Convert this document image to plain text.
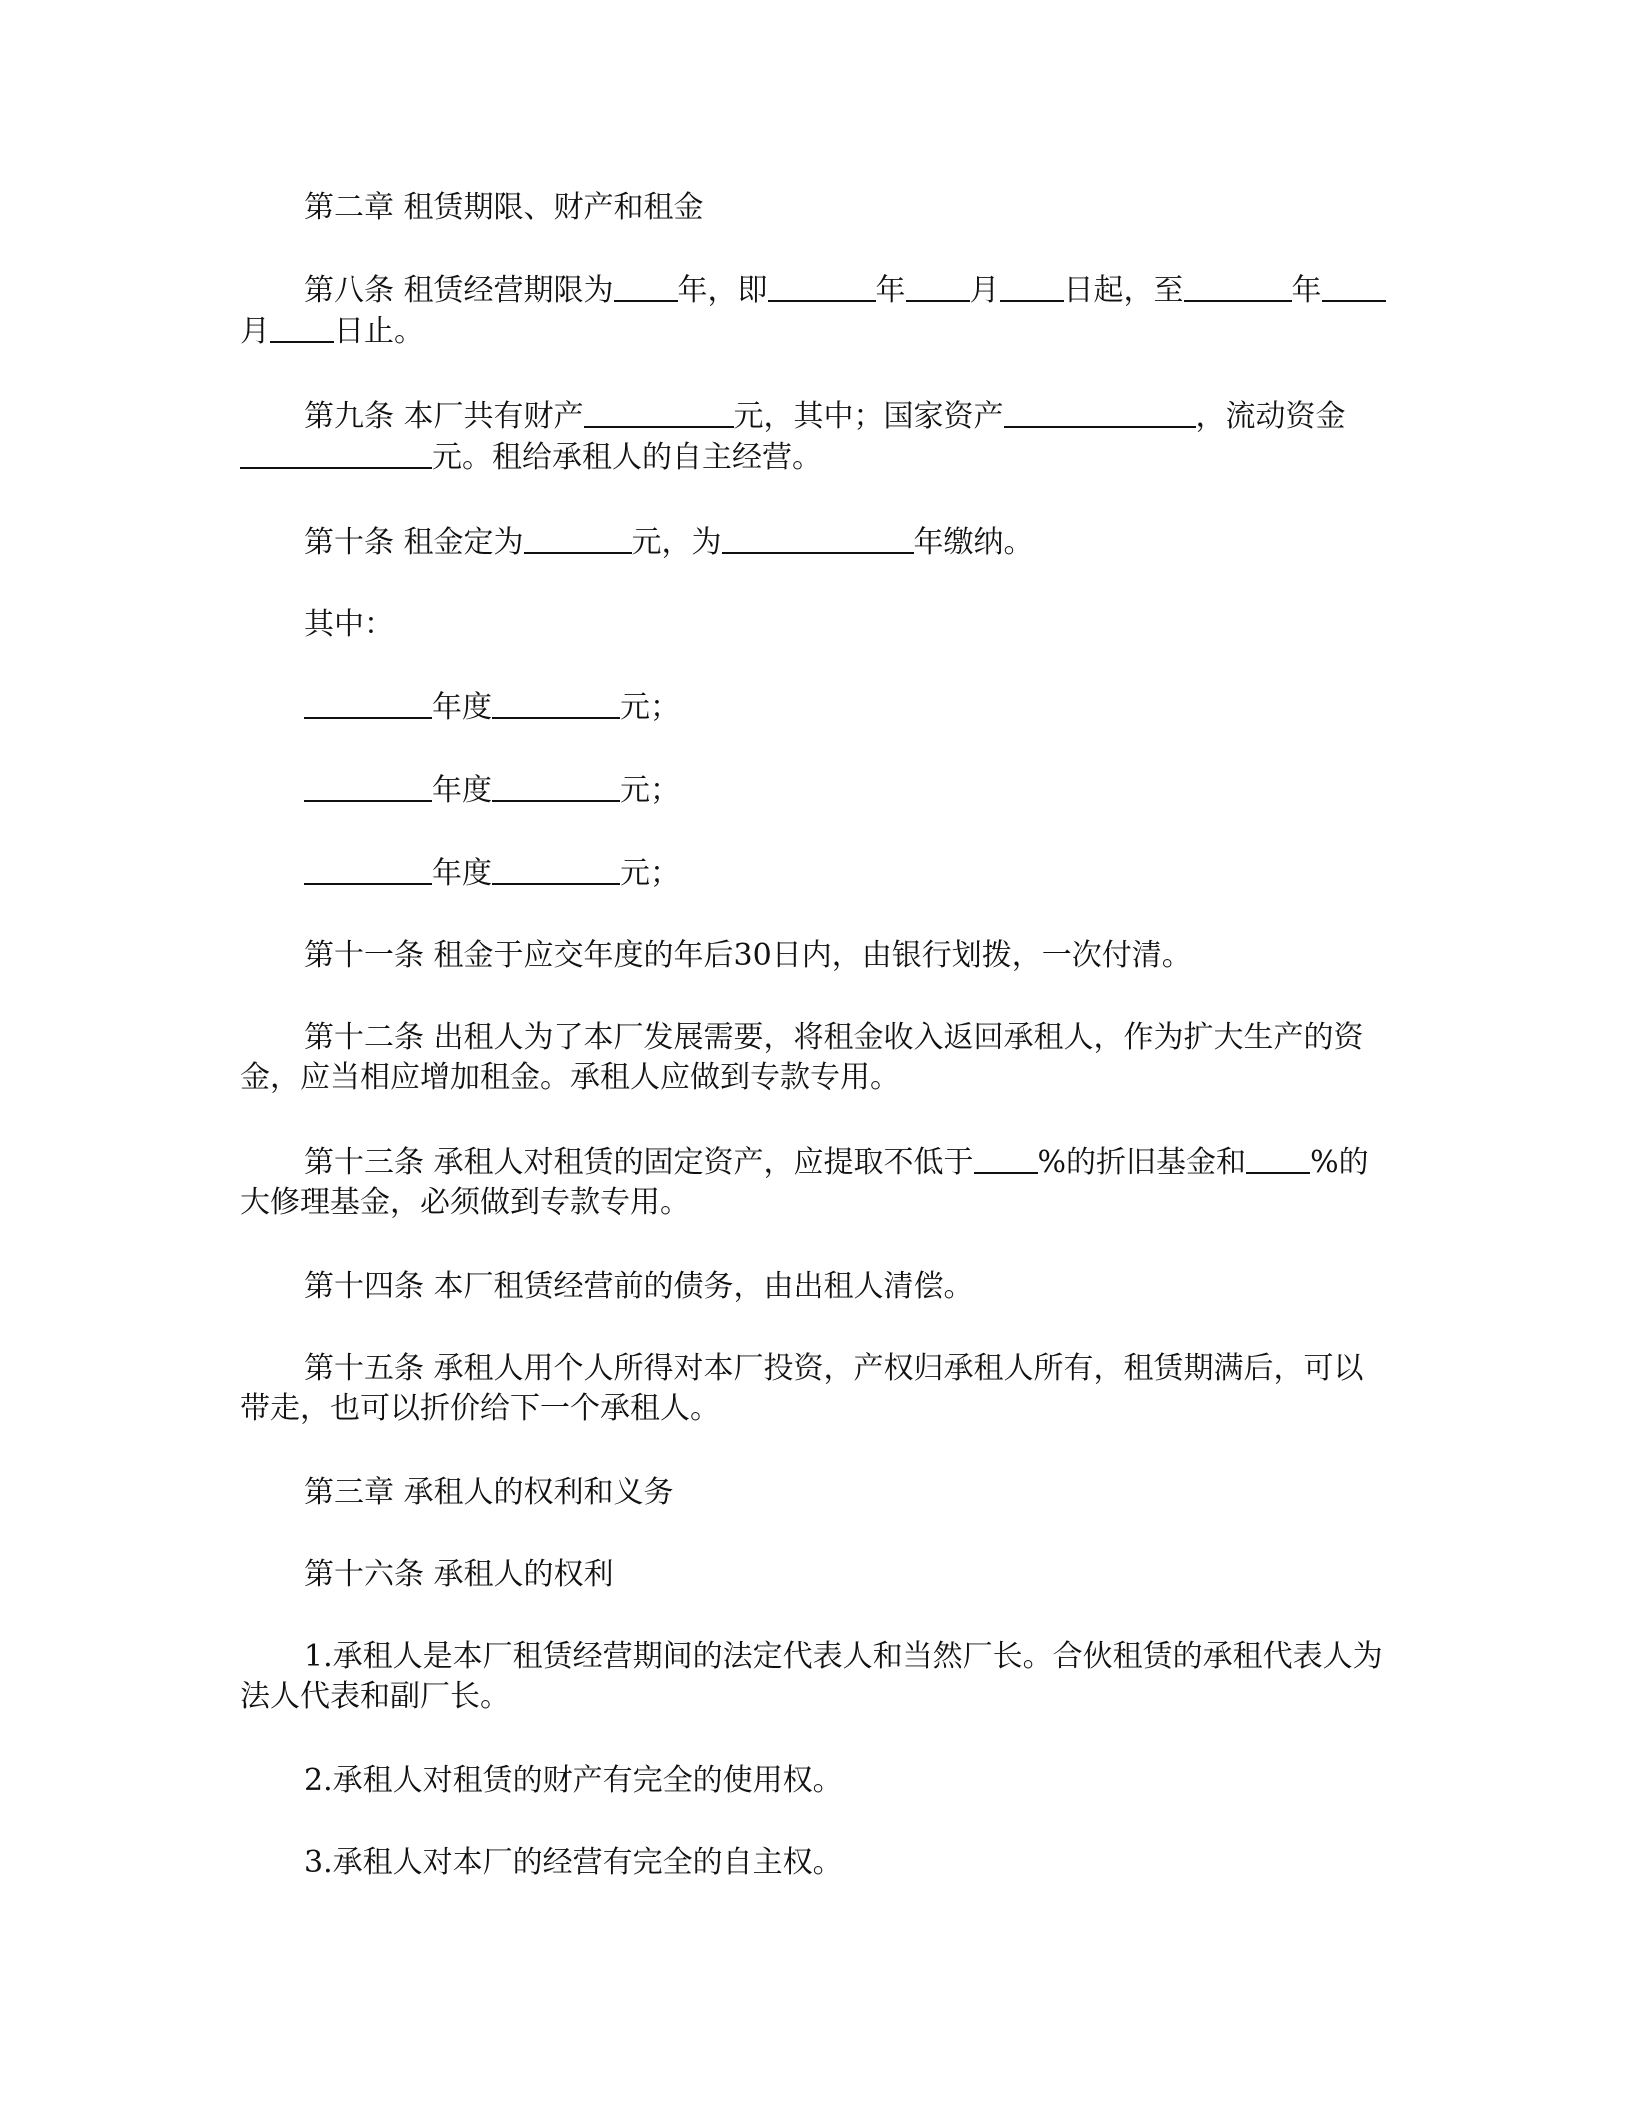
第二章 租赁期限、财产和租金

第八条 租赁经营期限为 年，即	年 月 日起，至	年月 日止。

第九条 本厂共有财产	元，其中；国家资产	，流动资金元。租给承租人的自主经营。

第十条 租金定为	元，为	年缴纳。

其中：

年度	元；

年度	元；

年度	元；

第十一条 租金于应交年度的年后30日内，由银行划拨，一次付清。

第十二条 出租人为了本厂发展需要，将租金收入返回承租人，作为扩大生产的资金，应当相应增加租金。承租人应做到专款专用。

第十三条 承租人对租赁的固定资产，应提取不低于 %的折旧基金和 %的大修理基金，必须做到专款专用。

第十四条 本厂租赁经营前的债务，由出租人清偿。

第十五条 承租人用个人所得对本厂投资，产权归承租人所有，租赁期满后，可以带走，也可以折价给下一个承租人。

第三章 承租人的权利和义务

第十六条 承租人的权利

1.承租人是本厂租赁经营期间的法定代表人和当然厂长。合伙租赁的承租代表人为法人代表和副厂长。

2.承租人对租赁的财产有完全的使用权。

3.承租人对本厂的经营有完全的自主权。
